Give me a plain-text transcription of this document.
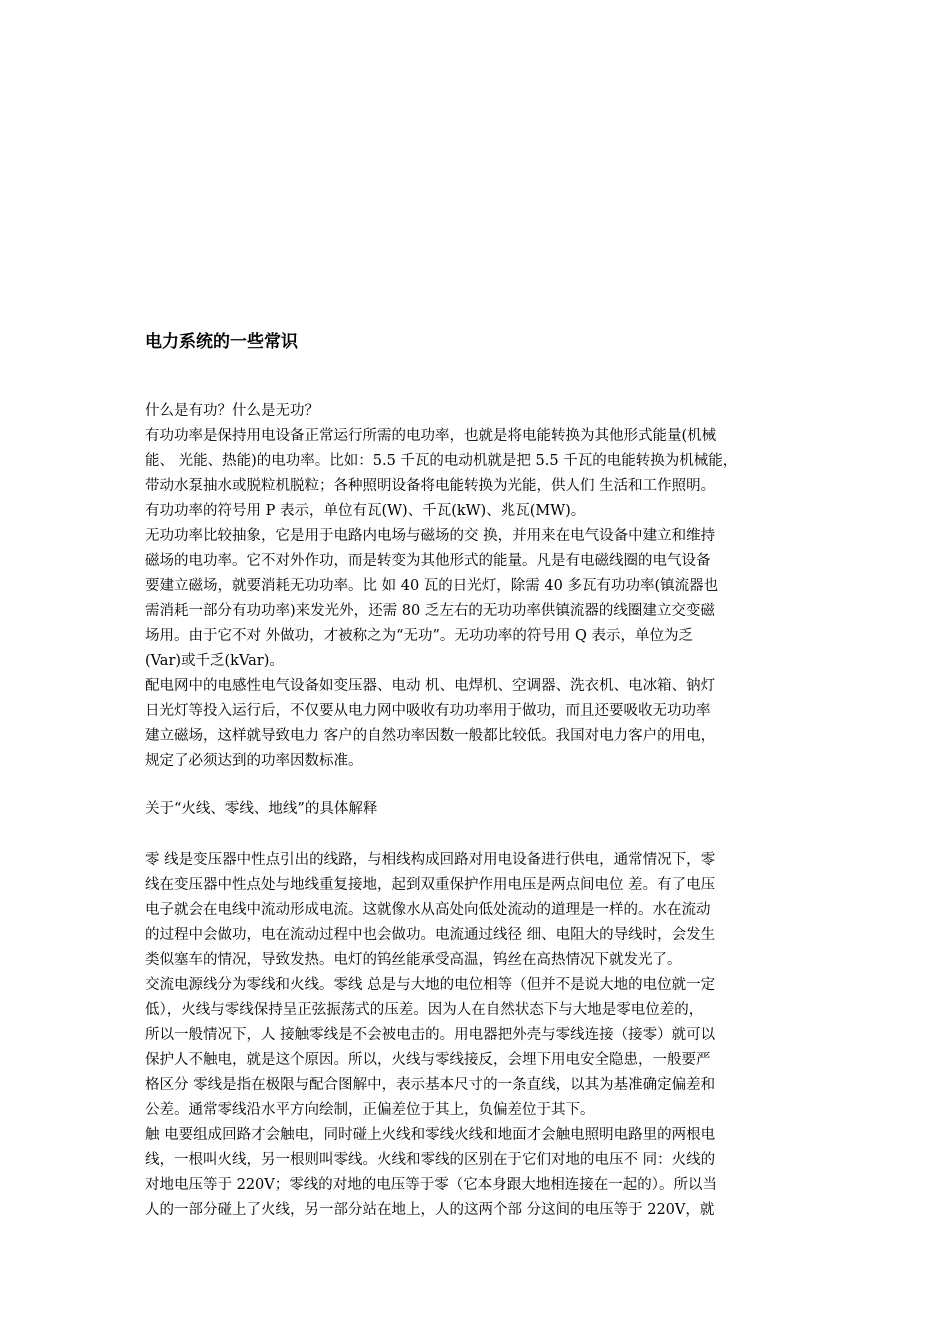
电力系统的一些常识
什么是有功？什么是无功？
有功功率是保持用电设备正常运行所需的电功率，也就是将电能转换为其他形式能量(机械
能、 光能、热能)的电功率。比如：5.5 千瓦的电动机就是把 5.5 千瓦的电能转换为机械能，
带动水泵抽水或脱粒机脱粒；各种照明设备将电能转换为光能，供人们 生活和工作照明。
有功功率的符号用 P 表示，单位有瓦(W)、千瓦(kW)、兆瓦(MW)。
无功功率比较抽象，它是用于电路内电场与磁场的交 换，并用来在电气设备中建立和维持
磁场的电功率。它不对外作功，而是转变为其他形式的能量。凡是有电磁线圈的电气设备
要建立磁场，就要消耗无功功率。比 如 40 瓦的日光灯，除需 40 多瓦有功功率(镇流器也
需消耗一部分有功功率)来发光外，还需 80 乏左右的无功功率供镇流器的线圈建立交变磁
场用。由于它不对 外做功，才被称之为“无功”。无功功率的符号用 Q 表示，单位为乏
(Var)或千乏(kVar)。
配电网中的电感性电气设备如变压器、电动 机、电焊机、空调器、洗衣机、电冰箱、钠灯
日光灯等投入运行后，不仅要从电力网中吸收有功功率用于做功，而且还要吸收无功功率
建立磁场，这样就导致电力 客户的自然功率因数一般都比较低。我国对电力客户的用电，
规定了必须达到的功率因数标准。
关于“火线、零线、地线”的具体解释
零 线是变压器中性点引出的线路，与相线构成回路对用电设备进行供电，通常情况下，零
线在变压器中性点处与地线重复接地，起到双重保护作用电压是两点间电位 差。有了电压
电子就会在电线中流动形成电流。这就像水从高处向低处流动的道理是一样的。水在流动
的过程中会做功，电在流动过程中也会做功。电流通过线径 细、电阻大的导线时，会发生
类似塞车的情况，导致发热。电灯的钨丝能承受高温，钨丝在高热情况下就发光了。
交流电源线分为零线和火线。零线 总是与大地的电位相等（但并不是说大地的电位就一定
低），火线与零线保持呈正弦振荡式的压差。因为人在自然状态下与大地是零电位差的，
所以一般情况下，人 接触零线是不会被电击的。用电器把外壳与零线连接（接零）就可以
保护人不触电，就是这个原因。所以，火线与零线接反，会埋下用电安全隐患，一般要严
格区分 零线是指在极限与配合图解中，表示基本尺寸的一条直线，以其为基准确定偏差和
公差。通常零线沿水平方向绘制，正偏差位于其上，负偏差位于其下。
触 电要组成回路才会触电，同时碰上火线和零线火线和地面才会触电照明电路里的两根电
线，一根叫火线，另一根则叫零线。火线和零线的区别在于它们对地的电压不 同：火线的
对地电压等于 220V；零线的对地的电压等于零（它本身跟大地相连接在一起的）。所以当
人的一部分碰上了火线，另一部分站在地上，人的这两个部 分这间的电压等于 220V，就
